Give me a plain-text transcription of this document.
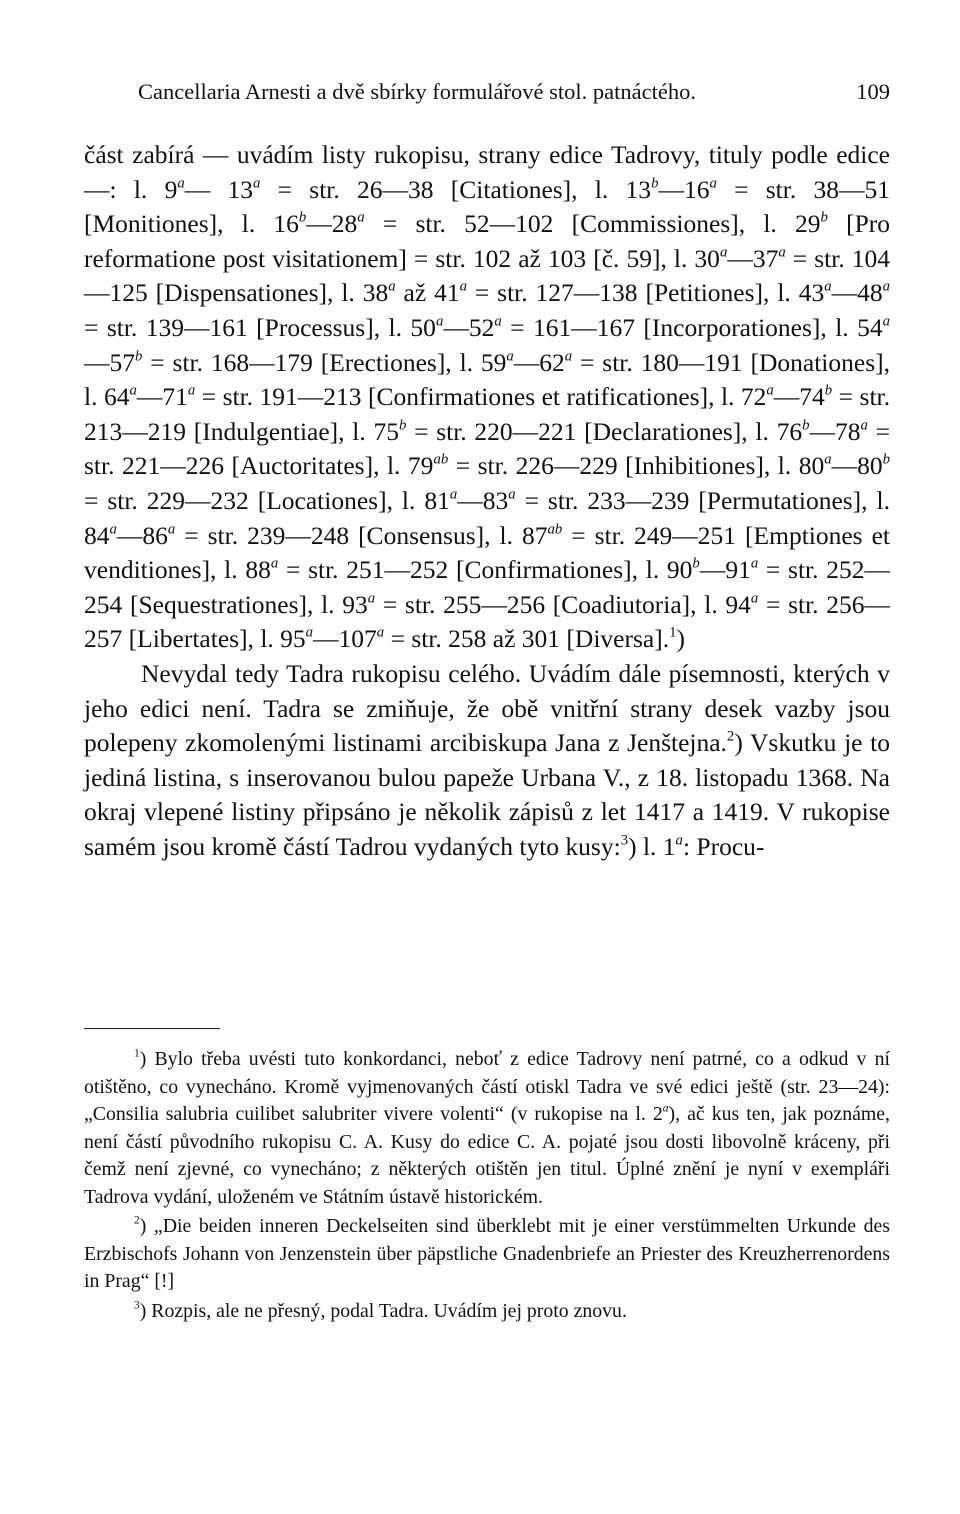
Cancellaria Arnesti a dvě sbírky formulářové stol. patnáctého.	109

část zabírá — uvádím listy rukopisu, strany edice Tadrovy, tituly podle edice —: l. 9$^a$— $13^a$ = str. 26—38 [Citationes], l. $13^b—16^a$ = str. 38—51 [Monitiones], l. $16^b—28^a$ = str. 52—102 [Commissiones], l. 29$^b$ [Pro reformatione post visitationem] = str. 102 až 103 [č. 59], l. $30^a—37^a$ = str. 104—125 [Dispensationes], l. 38$^a$ až $41^a$ = str. 127—138 [Petitiones], l. $43^a—48^a$ = str. 139—161 [Processus], l. $50^a—52^a$ = 161—167 [Incorporationes], l. $54^a—57^b$ = str. 168—179 [Erectiones], l. $59^a—62^a$ = str. 180—191 [Donationes], l. $64^a—71^a$ = str. 191—213 [Confirmationes et ratificationes], l. $72^a—74^b$ = str. 213—219 [Indulgentiae], l. $75^b$ = str. 220—221 [Declarationes], l. $76^b—78^a$ = str. 221—226 [Auctoritates], l. $79^{ab}$ = str. 226—229 [Inhibitiones], l. $80^a—80^b$ = str. 229—232 [Locationes], l. $81^a—83^a$ = str. 233—239 [Permutationes], l. $84^a—86^a$ = str. 239—248 [Consensus], l. $87^{ab}$ = str. 249—251 [Emptiones et venditiones], l. $88^a$ = str. 251—252 [Confirmationes], l. $90^b—91^a$ = str. 252—254 [Sequestrationes], l. $93^a$ = str. 255—256 [Coadiutoria], l. $94^a$ = str. 256—257 [Libertates], l. $95^a—107^a$ = str. 258 až 301 [Diversa].$^1$)

Nevydal tedy Tadra rukopisu celého. Uvádím dále písemnosti, kterých v jeho edici není. Tadra se zmiňuje, že obě vnitřní strany desek vazby jsou polepeny zkomolenými listinami arcibiskupa Jana z Jenštejna.$^2$) Vskutku je to jediná listina, s inserovanou bulou papeže Urbana V., z 18. listopadu 1368. Na okraj vlepené listiny připsáno je několik zápisů z let 1417 a 1419. V rukopise samém jsou kromě částí Tadrou vydaných tyto kusy:$^3$) l. 1$^a$: Procu-

$^1$) Bylo třeba uvésti tuto konkordanci, neboť z edice Tadrovy není patrné, co a odkud v ní otištěno, co vynecháno. Kromě vyjmenovaných částí otiskl Tadra ve své edici ještě (str. 23—24): „Consilia salubria cuilibet salubriter vivere volenti“ (v rukopise na l. 2$^a$), ač kus ten, jak poznáme, není částí původního rukopisu C. A. Kusy do edice C. A. pojaté jsou dosti libovolně kráceny, při čemž není zjevné, co vynecháno; z některých otištěn jen titul. Úplné znění je nyní v exempláři Tadrova vydání, uloženém ve Státním ústavě historickém.

$^2$) „Die beiden inneren Deckelseiten sind überklebt mit je einer verstümmelten Urkunde des Erzbischofs Johann von Jenzenstein über päpstliche Gnadenbriefe an Priester des Kreuzherrenordens in Prag“ [!]

$^3$) Rozpis, ale ne přesný, podal Tadra. Uvádím jej proto znovu.
